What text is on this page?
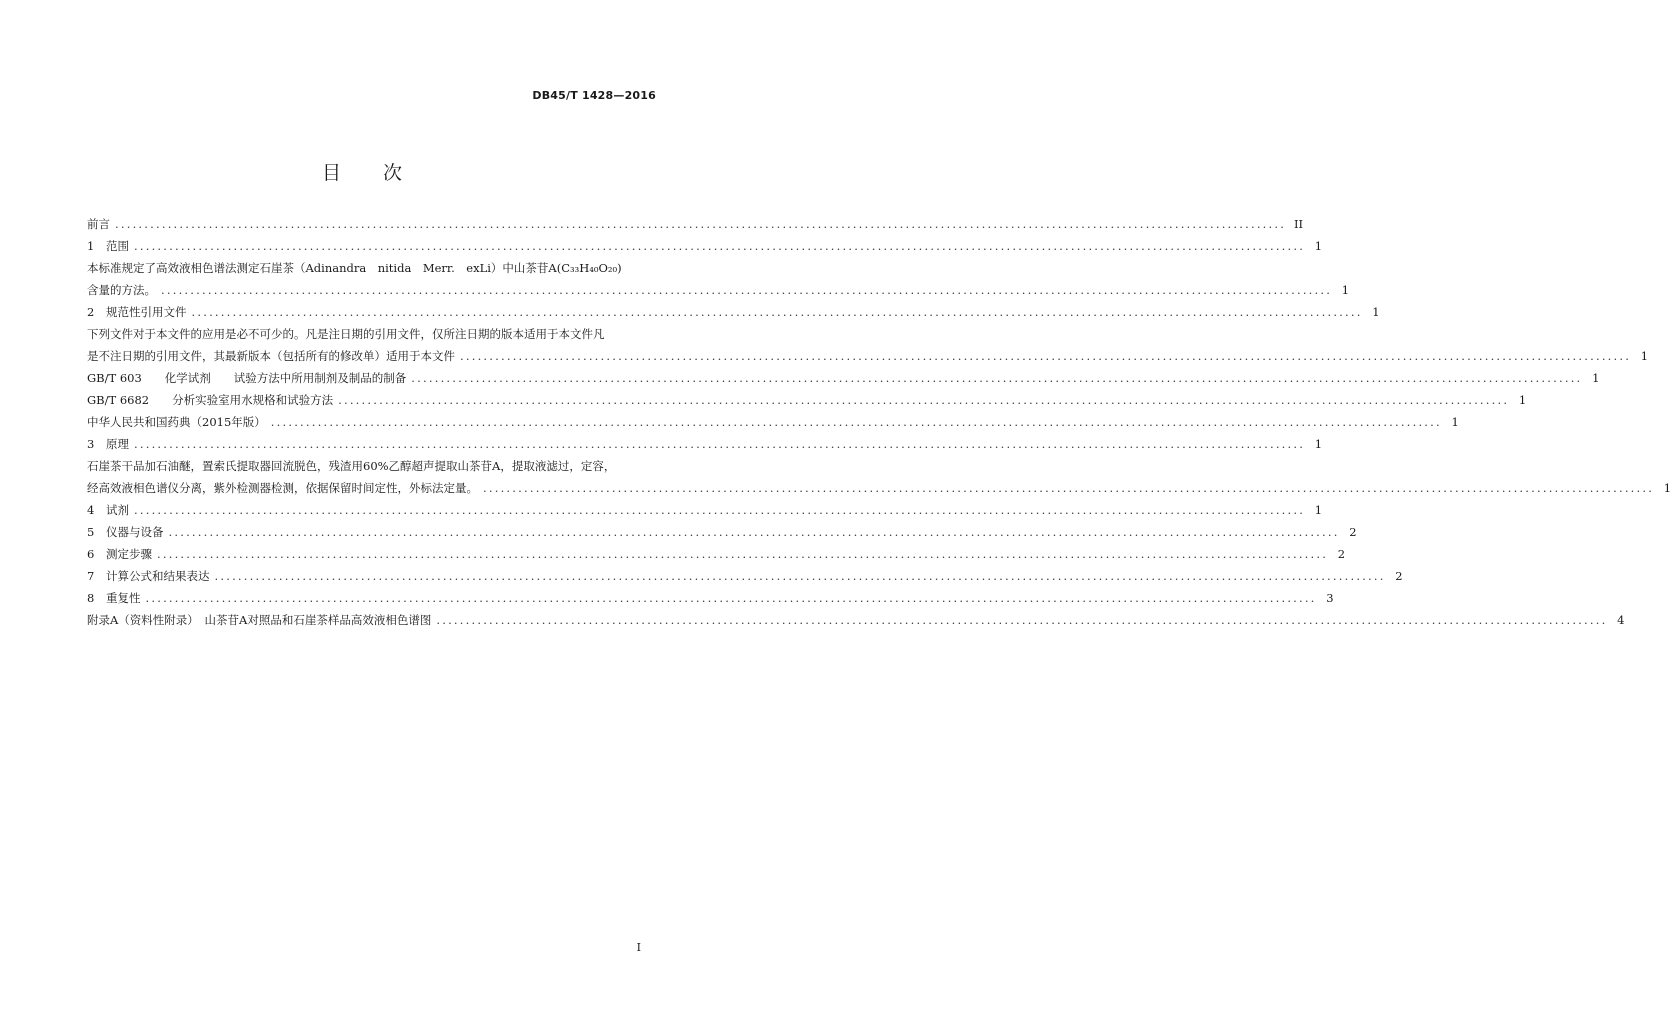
DB45/T 1428—2016
目 次
前言 ........................................................................................................................................................................................................ II
1	范围 ........................................................................................................................................................................................................ 1
本标准规定了高效液相色谱法测定石崖茶（Adinandra　nitida　Merr.　exLi）中山茶苷A(C₃₃H₄₀O₂₀)
含量的方法。 ........................................................................................................................................................................................................ 1
2	规范性引用文件 ........................................................................................................................................................................................................ 1
下列文件对于本文件的应用是必不可少的。凡是注日期的引用文件，仅所注日期的版本适用于本文件凡
是不注日期的引用文件，其最新版本（包括所有的修改单）适用于本文件 ........................................................................................................................................................................................................ 1
GB/T 603　　化学试剂　　试验方法中所用制剂及制品的制备 ........................................................................................................................................................................................................ 1
GB/T 6682　　分析实验室用水规格和试验方法 ........................................................................................................................................................................................................ 1
中华人民共和国药典（2015年版） ........................................................................................................................................................................................................ 1
3	原理 ........................................................................................................................................................................................................ 1
石崖茶干品加石油醚，置索氏提取器回流脱色，残渣用60%乙醇超声提取山茶苷A，提取液滤过，定容，
经高效液相色谱仪分离，紫外检测器检测，依据保留时间定性，外标法定量。 ........................................................................................................................................................................................................ 1
4	试剂 ........................................................................................................................................................................................................ 1
5	仪器与设备 ........................................................................................................................................................................................................ 2
6	测定步骤 ........................................................................................................................................................................................................ 2
7	计算公式和结果表达 ........................................................................................................................................................................................................ 2
8	重复性 ........................................................................................................................................................................................................ 3
附录A（资料性附录）　山茶苷A对照品和石崖茶样品高效液相色谱图 ........................................................................................................................................................................................................ 4
I
